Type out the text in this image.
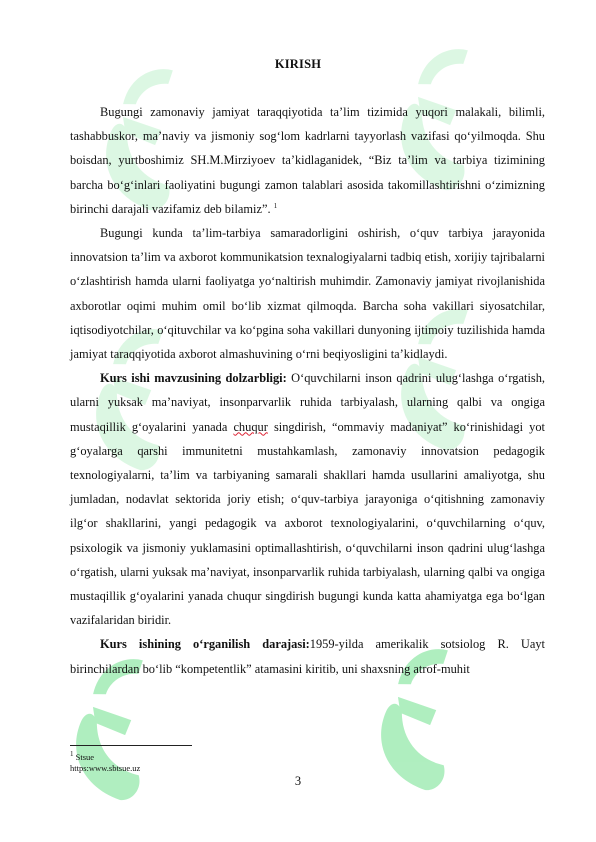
KIRISH

Bugungi zamonaviy jamiyat taraqqiyotida ta’lim tizimida yuqori malakali, bilimli, tashabbuskor, ma’naviy va jismoniy sog‘lom kadrlarni tayyorlash vazifasi qo‘yilmoqda. Shu boisdan, yurtboshimiz SH.M.Mirziyoev ta’kidlaganidek, “Biz ta’lim va tarbiya tizimining barcha bo‘g‘inlari faoliyatini bugungi zamon talablari asosida takomillashtirishni o‘zimizning birinchi darajali vazifamiz deb bilamiz”. $^1$

Bugungi kunda ta’lim-tarbiya samaradorligini oshirish, o‘quv tarbiya jarayonida innovatsion ta’lim va axborot kommunikatsion texnalogiyalarni tadbiq etish, xorijiy tajribalarni o‘zlashtirish hamda ularni faoliyatga yo‘naltirish muhimdir. Zamonaviy jamiyat rivojlanishida axborotlar oqimi muhim omil bo‘lib xizmat qilmoqda. Barcha soha vakillari siyosatchilar, iqtisodiyotchilar, o‘qituvchilar va ko‘pgina soha vakillari dunyoning ijtimoiy tuzilishida hamda jamiyat taraqqiyotida axborot almashuvining o‘rni beqiyosligini ta’kidlaydi.

Kurs ishi mavzusining dolzarbligi: O‘quvchilarni inson qadrini ulug‘lashga o‘rgatish, ularni yuksak ma’naviyat, insonparvarlik ruhida tarbiyalash, ularning qalbi va ongiga mustaqillik g‘oyalarini yanada chuqur singdirish, “ommaviy madaniyat” ko‘rinishidagi yot g‘oyalarga qarshi immunitetni mustahkamlash, zamonaviy innovatsion pedagogik texnologiyalarni, ta’lim va tarbiyaning samarali shakllari hamda usullarini amaliyotga, shu jumladan, nodavlat sektorida joriy etish; o‘quv-tarbiya jarayoniga o‘qitishning zamonaviy ilg‘or shakllarini, yangi pedagogik va axborot texnologiyalarini, o‘quvchilarning o‘quv, psixologik va jismoniy yuklamasini optimallashtirish, o‘quvchilarni inson qadrini ulug‘lashga o‘rgatish, ularni yuksak ma’naviyat, insonparvarlik ruhida tarbiyalash, ularning qalbi va ongiga mustaqillik g‘oyalarini yanada chuqur singdirish bugungi kunda katta ahamiyatga ega bo‘lgan vazifalaridan biridir.

Kurs ishining o‘rganilish darajasi:1959-yilda amerikalik sotsiolog R. Uayt birinchilardan bo‘lib “kompetentlik” atamasini kiritib, uni shaxsning atrof-muhit

$^1$ Stsue
https:www.sbtsue.uz
3
